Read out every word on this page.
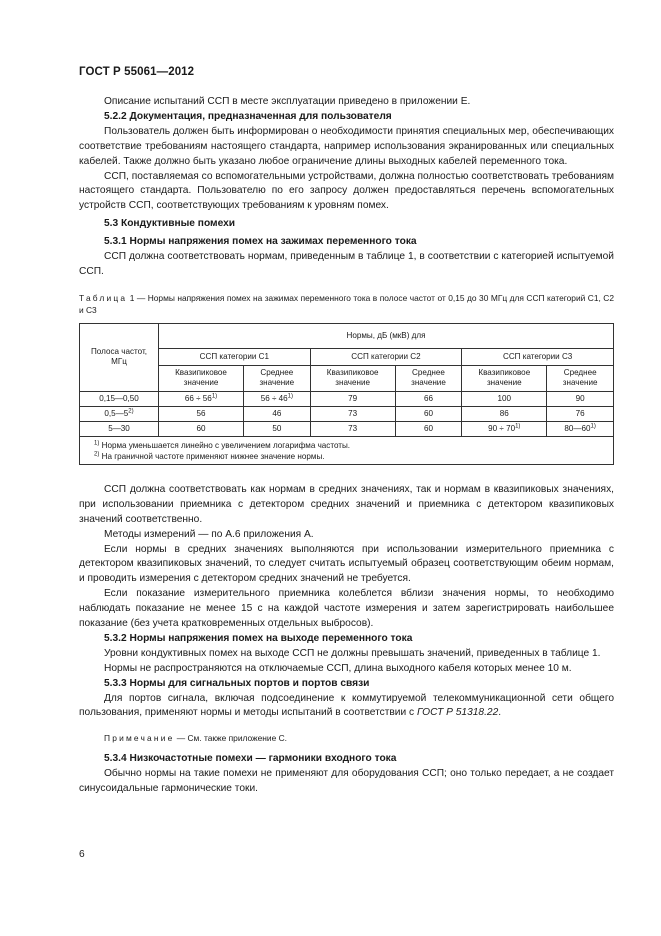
ГОСТ Р 55061—2012

Описание испытаний ССП в месте эксплуатации приведено в приложении Е.

5.2.2 Документация, предназначенная для пользователя

Пользователь должен быть информирован о необходимости принятия специальных мер, обеспечивающих соответствие требованиям настоящего стандарта, например использования экранированных или специальных кабелей. Также должно быть указано любое ограничение длины выходных кабелей переменного тока.

ССП, поставляемая со вспомогательными устройствами, должна полностью соответствовать требованиям настоящего стандарта. Пользователю по его запросу должен предоставляться перечень вспомогательных устройств ССП, соответствующих требованиям к уровням помех.

5.3 Кондуктивные помехи

5.3.1 Нормы напряжения помех на зажимах переменного тока

ССП должна соответствовать нормам, приведенным в таблице 1, в соответствии с категорией испытуемой ССП.

Таблица 1 — Нормы напряжения помех на зажимах переменного тока в полосе частот от 0,15 до 30 МГц для ССП категорий С1, С2 и С3

Полоса частот, МГц	Нормы, дБ (мкВ) для					
	ССП категории С1		ССП категории С2		ССП категории С3	
	Квазипиковое значение	Среднее значение	Квазипиковое значение	Среднее значение	Квазипиковое значение	Среднее значение
0,15—0,50	$66 \div 56^{1)}$	$56 \div 46^{1)}$	79	66	100	90
0,5—5$^{2)}$	56	46	73	60	86	76
5—30	60	50	73	60	$90 \div 70^{1)}$	80—60$^{1)}$

$^{1)}$ Норма уменьшается линейно с увеличением логарифма частоты.
$^{2)}$ На граничной частоте применяют нижнее значение нормы.						

ССП должна соответствовать как нормам в средних значениях, так и нормам в квазипиковых значениях, при использовании приемника с детектором средних значений и приемника с детектором квазипиковых значений соответственно.

Методы измерений — по А.6 приложения А.

Если нормы в средних значениях выполняются при использовании измерительного приемника с детектором квазипиковых значений, то следует считать испытуемый образец соответствующим обеим нормам, и проводить измерения с детектором средних значений не требуется.

Если показание измерительного приемника колеблется вблизи значения нормы, то необходимо наблюдать показание не менее 15 с на каждой частоте измерения и затем зарегистрировать наибольшее показание (без учета кратковременных отдельных выбросов).

5.3.2 Нормы напряжения помех на выходе переменного тока

Уровни кондуктивных помех на выходе ССП не должны превышать значений, приведенных в таблице 1.

Нормы не распространяются на отключаемые ССП, длина выходного кабеля которых менее 10 м.

5.3.3 Нормы для сигнальных портов и портов связи

Для портов сигнала, включая подсоединение к коммутируемой телекоммуникационной сети общего пользования, применяют нормы и методы испытаний в соответствии с ГОСТ Р 51318.22.

Примечание — См. также приложение С.

5.3.4 Низкочастотные помехи — гармоники входного тока

Обычно нормы на такие помехи не применяют для оборудования ССП; оно только передает, а не создает синусоидальные гармонические токи.

6
